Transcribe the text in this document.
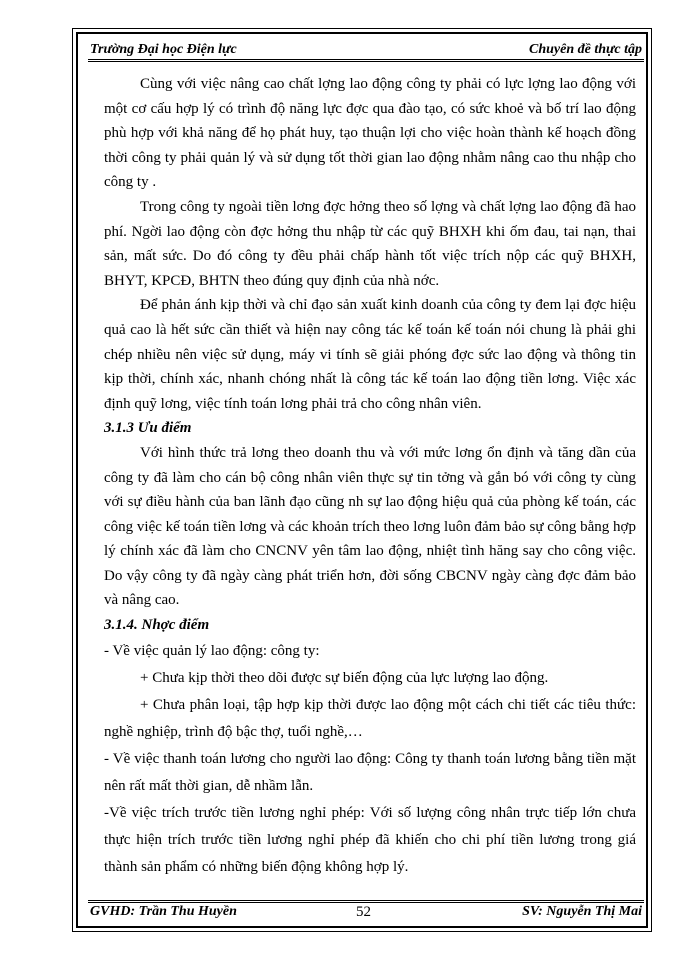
Trường Đại học Điện lực	Chuyên đề thực tập

Cùng với việc nâng cao chất lợng lao động công ty phải có lực lợng lao động với một cơ cấu hợp lý có trình độ năng lực đợc qua đào tạo, có sức khoẻ và bố trí lao động phù hợp với khả năng để họ phát huy, tạo thuận lợi cho việc hoàn thành kế hoạch đồng thời công ty phải quản lý và sử dụng tốt thời gian lao động nhằm nâng cao thu nhập cho công ty .

Trong công ty ngoài tiền lơng đợc hởng theo số lợng và chất lợng lao động đã hao phí. Ngời lao động còn đợc hởng thu nhập từ các quỹ BHXH khi ốm đau, tai nạn, thai sản, mất sức. Do đó công ty đều phải chấp hành tốt việc trích nộp các quỹ BHXH, BHYT, KPCĐ, BHTN theo đúng quy định của nhà nớc.

Để phản ánh kịp thời và chỉ đạo sản xuất kinh doanh của công ty đem lại đợc hiệu quả cao là hết sức cần thiết và hiện nay công tác kế toán kế toán nói chung là phải ghi chép nhiều nên việc sử dụng, máy vi tính sẽ giải phóng đợc sức lao động và thông tin kịp thời, chính xác, nhanh chóng nhất là công tác kế toán lao động tiền lơng. Việc xác định quỹ lơng, việc tính toán lơng phải trả cho công nhân viên.

3.1.3 Ưu điểm

Với hình thức trả lơng theo doanh thu và với mức lơng ổn định và tăng dần của công ty đã làm cho cán bộ công nhân viên thực sự tin tởng và gắn bó với công ty cùng với sự điều hành của ban lãnh đạo cũng nh sự lao động hiệu quả của phòng kế toán, các công việc kế toán tiền lơng và các khoản trích theo lơng luôn đảm bảo sự công bằng hợp lý chính xác đã làm cho CNCNV yên tâm lao động, nhiệt tình hăng say cho công việc. Do vậy công ty đã ngày càng phát triển hơn, đời sống CBCNV ngày càng đợc đảm bảo và nâng cao.

3.1.4. Nhợc điểm

- Về việc quản lý lao động: công ty:

+ Chưa kịp thời theo dõi được sự biến động của lực lượng lao động.

+ Chưa phân loại, tập hợp kịp thời được lao động một cách chi tiết các tiêu thức: nghề nghiệp, trình độ bậc thợ, tuổi nghề,…

- Về việc thanh toán lương cho người lao động: Công ty thanh toán lương bằng tiền mặt nên rất mất thời gian, dễ nhầm lẫn.

-Về việc trích trước tiền lương nghỉ phép: Với số lượng công nhân trực tiếp lớn chưa thực hiện trích trước tiền lương nghỉ phép đã khiến cho chi phí tiền lương trong giá thành sản phẩm có những biến động không hợp lý.

GVHD: Trần Thu Huyền	52	SV: Nguyễn Thị Mai
